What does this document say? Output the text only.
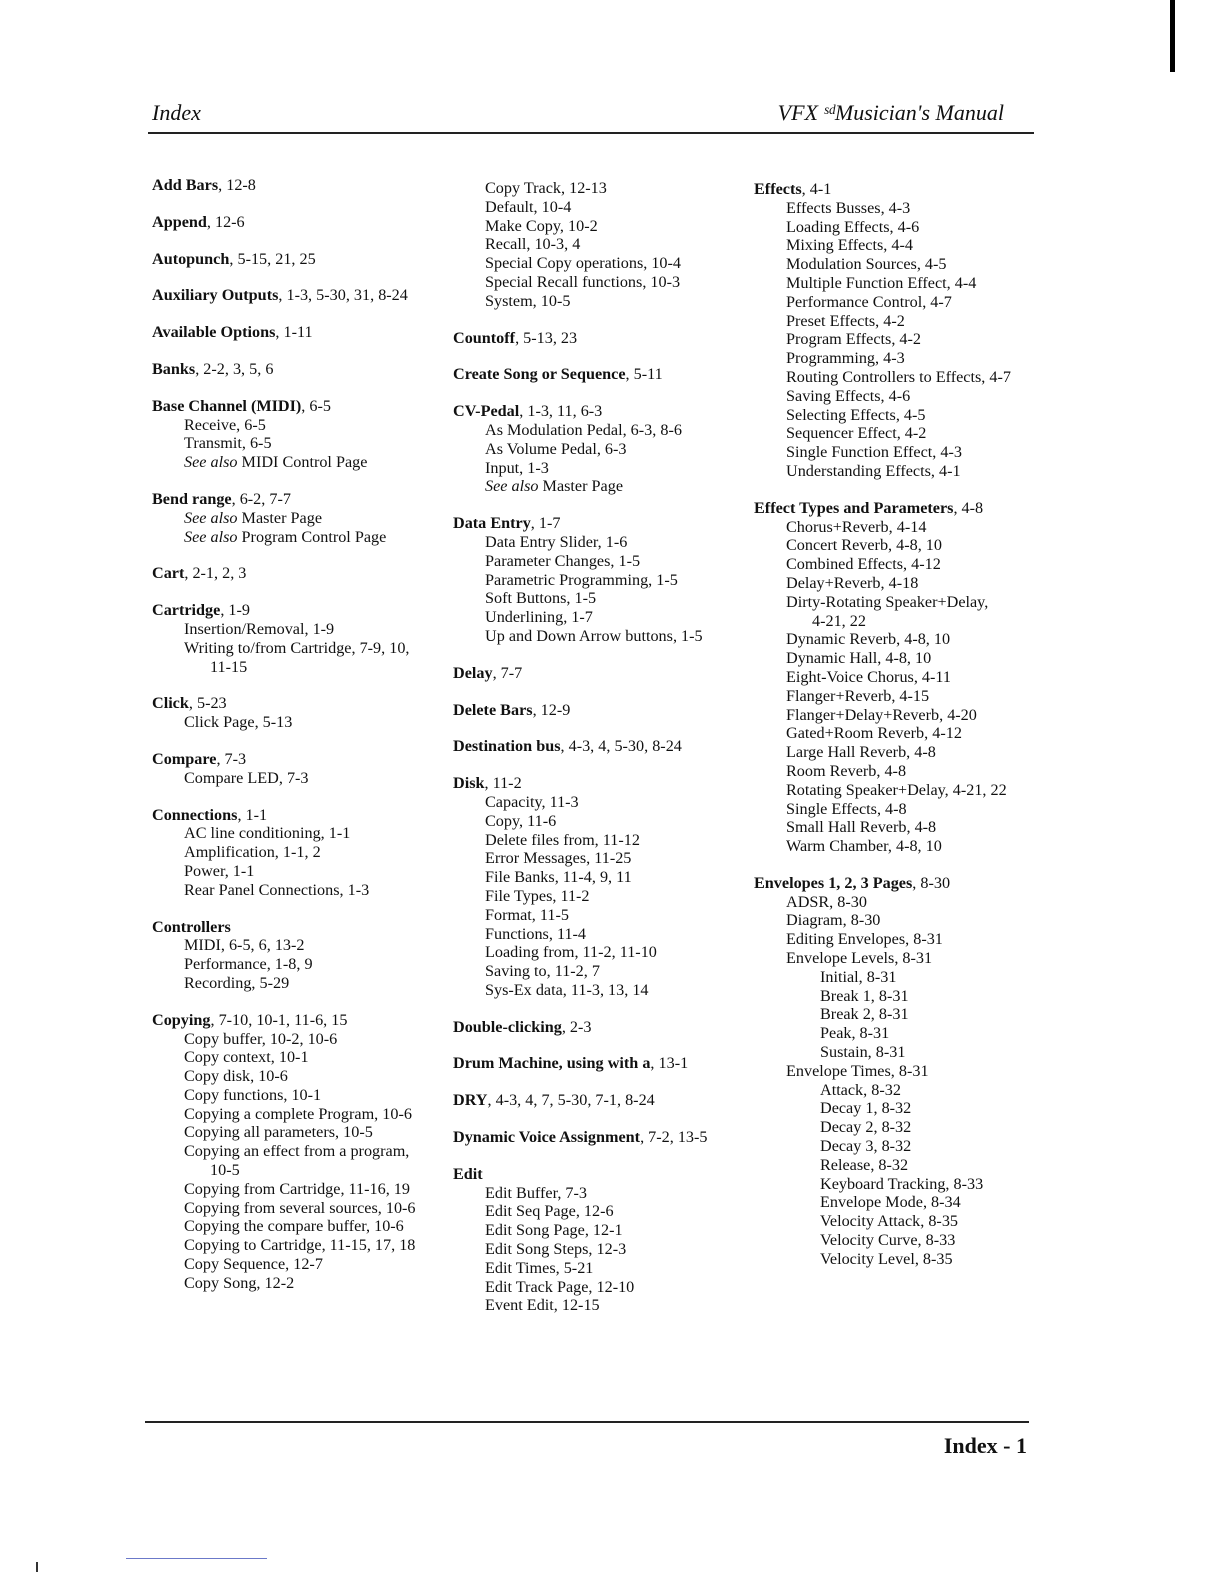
Index	VFX ˢᵈMusician's Manual
Add Bars, 12-8
Append, 12-6
Autopunch, 5-15, 21, 25
Auxiliary Outputs, 1-3, 5-30, 31, 8-24
Available Options, 1-11
Banks, 2-2, 3, 5, 6
Base Channel (MIDI), 6-5
Receive, 6-5
Transmit, 6-5
See also MIDI Control Page
Bend range, 6-2, 7-7
See also Master Page
See also Program Control Page
Cart, 2-1, 2, 3
Cartridge, 1-9
Insertion/Removal, 1-9
Writing to/from Cartridge, 7-9, 10,
11-15
Click, 5-23
Click Page, 5-13
Compare, 7-3
Compare LED, 7-3
Connections, 1-1
AC line conditioning, 1-1
Amplification, 1-1, 2
Power, 1-1
Rear Panel Connections, 1-3
Controllers
MIDI, 6-5, 6, 13-2
Performance, 1-8, 9
Recording, 5-29
Copying, 7-10, 10-1, 11-6, 15
Copy buffer, 10-2, 10-6
Copy context, 10-1
Copy disk, 10-6
Copy functions, 10-1
Copying a complete Program, 10-6
Copying all parameters, 10-5
Copying an effect from a program,
10-5
Copying from Cartridge, 11-16, 19
Copying from several sources, 10-6
Copying the compare buffer, 10-6
Copying to Cartridge, 11-15, 17, 18
Copy Sequence, 12-7
Copy Song, 12-2
Copy Track, 12-13
Default, 10-4
Make Copy, 10-2
Recall, 10-3, 4
Special Copy operations, 10-4
Special Recall functions, 10-3
System, 10-5
Countoff, 5-13, 23
Create Song or Sequence, 5-11
CV-Pedal, 1-3, 11, 6-3
As Modulation Pedal, 6-3, 8-6
As Volume Pedal, 6-3
Input, 1-3
See also Master Page
Data Entry, 1-7
Data Entry Slider, 1-6
Parameter Changes, 1-5
Parametric Programming, 1-5
Soft Buttons, 1-5
Underlining, 1-7
Up and Down Arrow buttons, 1-5
Delay, 7-7
Delete Bars, 12-9
Destination bus, 4-3, 4, 5-30, 8-24
Disk, 11-2
Capacity, 11-3
Copy, 11-6
Delete files from, 11-12
Error Messages, 11-25
File Banks, 11-4, 9, 11
File Types, 11-2
Format, 11-5
Functions, 11-4
Loading from, 11-2, 11-10
Saving to, 11-2, 7
Sys-Ex data, 11-3, 13, 14
Double-clicking, 2-3
Drum Machine, using with a, 13-1
DRY, 4-3, 4, 7, 5-30, 7-1, 8-24
Dynamic Voice Assignment, 7-2, 13-5
Edit
Edit Buffer, 7-3
Edit Seq Page, 12-6
Edit Song Page, 12-1
Edit Song Steps, 12-3
Edit Times, 5-21
Edit Track Page, 12-10
Event Edit, 12-15
Effects, 4-1
Effects Busses, 4-3
Loading Effects, 4-6
Mixing Effects, 4-4
Modulation Sources, 4-5
Multiple Function Effect, 4-4
Performance Control, 4-7
Preset Effects, 4-2
Program Effects, 4-2
Programming, 4-3
Routing Controllers to Effects, 4-7
Saving Effects, 4-6
Selecting Effects, 4-5
Sequencer Effect, 4-2
Single Function Effect, 4-3
Understanding Effects, 4-1
Effect Types and Parameters, 4-8
Chorus+Reverb, 4-14
Concert Reverb, 4-8, 10
Combined Effects, 4-12
Delay+Reverb, 4-18
Dirty-Rotating Speaker+Delay,
4-21, 22
Dynamic Reverb, 4-8, 10
Dynamic Hall, 4-8, 10
Eight-Voice Chorus, 4-11
Flanger+Reverb, 4-15
Flanger+Delay+Reverb, 4-20
Gated+Room Reverb, 4-12
Large Hall Reverb, 4-8
Room Reverb, 4-8
Rotating Speaker+Delay, 4-21, 22
Single Effects, 4-8
Small Hall Reverb, 4-8
Warm Chamber, 4-8, 10
Envelopes 1, 2, 3 Pages, 8-30
ADSR, 8-30
Diagram, 8-30
Editing Envelopes, 8-31
Envelope Levels, 8-31
Initial, 8-31
Break 1, 8-31
Break 2, 8-31
Peak, 8-31
Sustain, 8-31
Envelope Times, 8-31
Attack, 8-32
Decay 1, 8-32
Decay 2, 8-32
Decay 3, 8-32
Release, 8-32
Keyboard Tracking, 8-33
Envelope Mode, 8-34
Velocity Attack, 8-35
Velocity Curve, 8-33
Velocity Level, 8-35
Index - 1
